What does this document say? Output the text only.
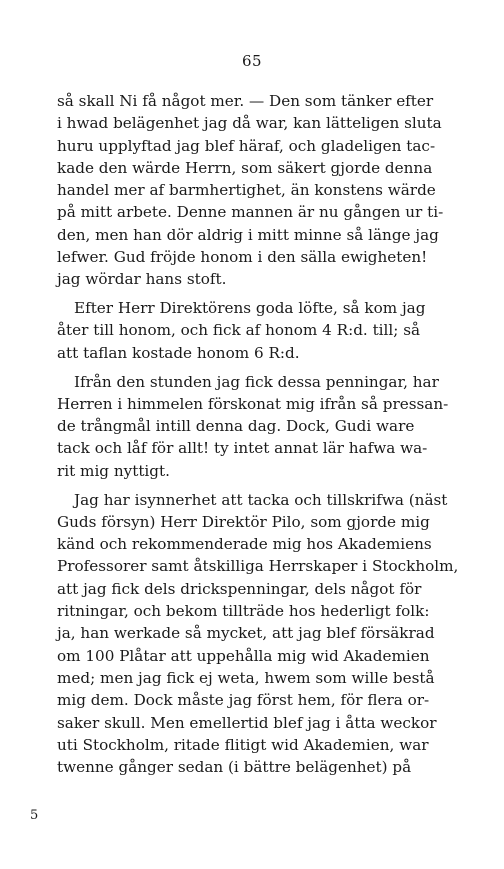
65

så skall Ni få något mer. — Den som tänker efter
i hwad belägenhet jag då war, kan lätteligen sluta
huru upplyftad jag blef häraf, och gladeligen tac-
kade den wärde Herrn, som säkert gjorde denna
handel mer af barmhertighet, än konstens wärde
på mitt arbete. Denne mannen är nu gången ur ti-
den, men han dör aldrig i mitt minne så länge jag
lefwer. Gud fröjde honom i den sälla ewigheten!
jag wördar hans stoft.

Efter Herr Direktörens goda löfte, så kom jag
åter till honom, och fick af honom 4 R:d. till; så
att taflan kostade honom 6 R:d.

Ifrån den stunden jag fick dessa penningar, har
Herren i himmelen förskonat mig ifrån så pressan-
de trångmål intill denna dag. Dock, Gudi ware
tack och låf för allt! ty intet annat lär hafwa wa-
rit mig nyttigt.

Jag har isynnerhet att tacka och tillskrifwa (näst
Guds försyn) Herr Direktör Pilo, som gjorde mig
känd och rekommenderade mig hos Akademiens
Professorer samt åtskilliga Herrskaper i Stockholm,
att jag fick dels drickspenningar, dels något för
ritningar, och bekom tillträde hos hederligt folk:
ja, han werkade så mycket, att jag blef försäkrad
om 100 Plåtar att uppehålla mig wid Akademien
med; men jag fick ej weta, hwem som wille bestå
mig dem. Dock måste jag först hem, för flera or-
saker skull. Men emellertid blef jag i åtta weckor
uti Stockholm, ritade flitigt wid Akademien, war
twenne gånger sedan (i bättre belägenhet) på

5
